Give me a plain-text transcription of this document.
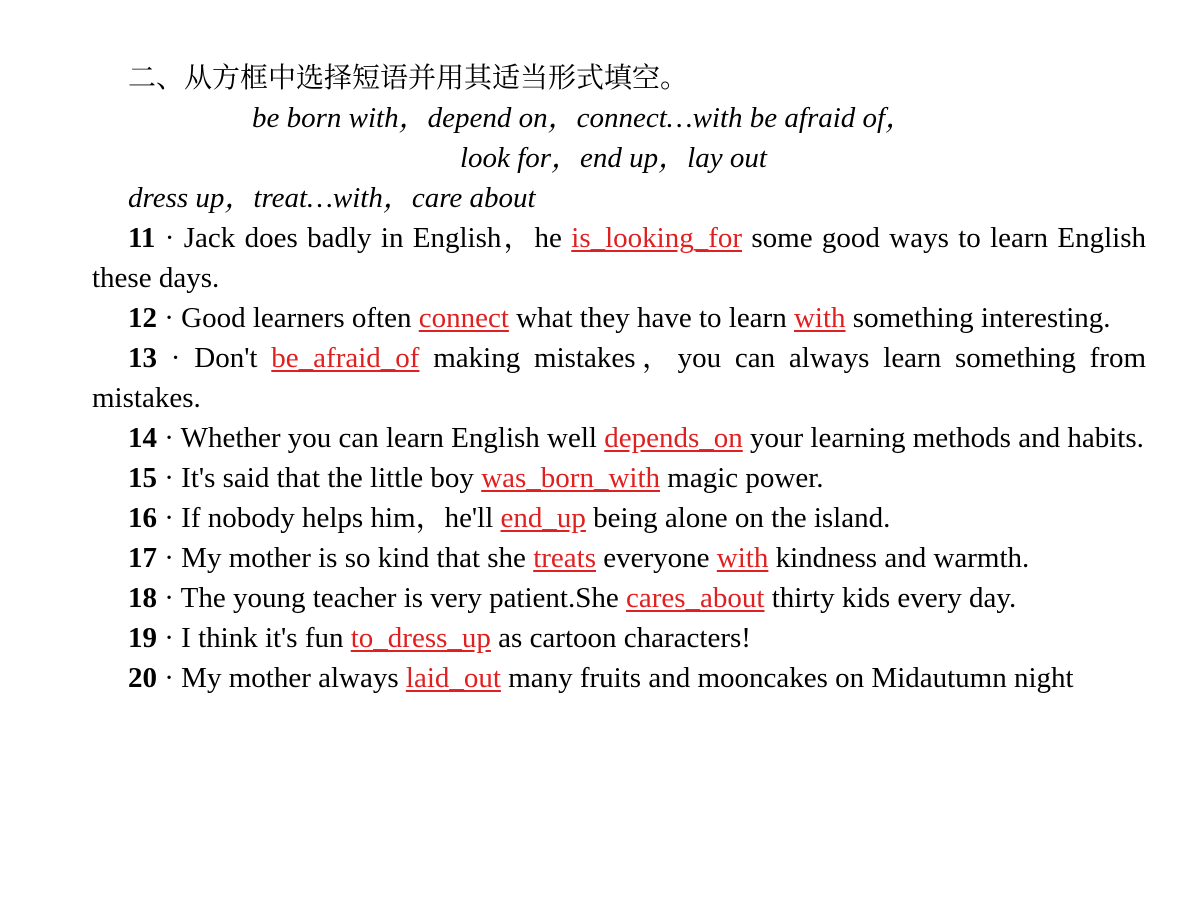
二、从方框中选择短语并用其适当形式填空。
be born with，depend on，connect…with be afraid of，
look for，end up，lay out
dress up，treat…with，care about
11 · Jack does badly in English，he is_looking_for some good ways to learn English these days.
12 · Good learners often connect what they have to learn with something interesting.
13 · Don't be_afraid_of making mistakes，you can always learn something from mistakes.
14 · Whether you can learn English well depends_on your learning methods and habits.
15 · It's said that the little boy was_born_with magic power.
16 · If nobody helps him，he'll end_up being alone on the island.
17 · My mother is so kind that she treats everyone with kindness and warmth.
18 · The young teacher is very patient.She cares_about thirty kids every day.
19 · I think it's fun to_dress_up as cartoon characters!
20 · My mother always laid_out many fruits and mooncakes on Midautumn night
